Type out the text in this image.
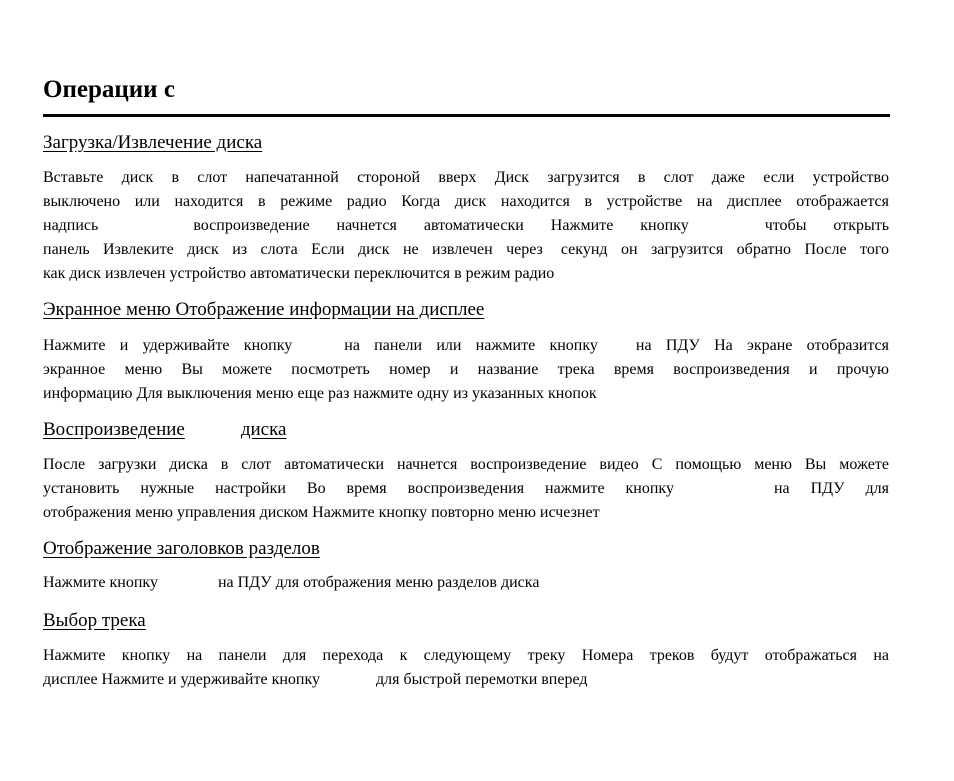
Операции с
Загрузка/Извлечение диска
Вставьте диск в слот напечатанной стороной вверх Диск загрузится в слот даже если устройство
выключено или находится в режиме радио Когда диск находится в устройстве на дисплее отображается
надпись	воспроизведение начнется автоматически Нажмите кнопку	чтобы открыть
панель Извлеките диск из слота Если диск не извлечен через секунд он загрузится обратно После того
как диск извлечен устройство автоматически переключится в режим радио
Экранное меню Отображение информации на дисплее
Нажмите и удерживайте кнопку	на панели или нажмите кнопку на ПДУ На экране отобразится
экранное меню Вы можете посмотреть номер и название трека время воспроизведения и прочую
информацию Для выключения меню еще раз нажмите одну из указанных кнопок
Воспроизведение	диска
После загрузки диска в слот автоматически начнется воспроизведение видео С помощью меню Вы можете
установить нужные настройки Во время воспроизведения нажмите кнопку	на ПДУ для
отображения меню управления диском Нажмите кнопку повторно меню исчезнет
Отображение заголовков разделов
Нажмите кнопку	на ПДУ для отображения меню разделов диска
Выбор трека
Нажмите кнопку на панели для перехода к следующему треку Номера треков будут отображаться на
дисплее Нажмите и удерживайте кнопку	для быстрой перемотки вперед
